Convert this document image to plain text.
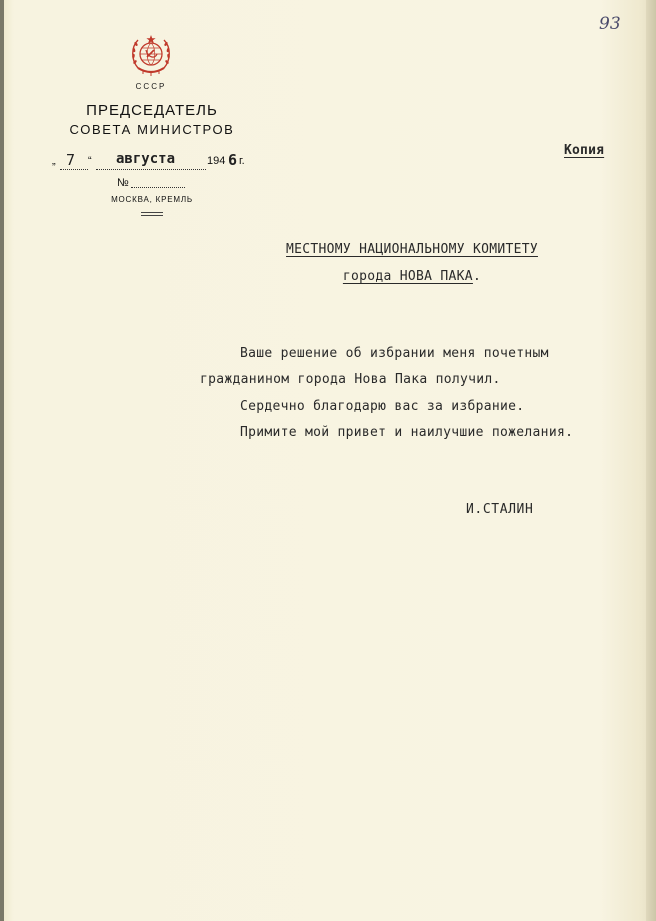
93
СССР
ПРЕДСЕДАТЕЛЬ
СОВЕТА МИНИСТРОВ
„ 7 “ августа	194 6 г.
№
МОСКВА, КРЕМЛЬ
Копия
МЕСТНОМУ НАЦИОНАЛЬНОМУ КОМИТЕТУ
города НОВА ПАКА.
Ваше решение об избрании меня почетным
гражданином города Нова Пака получил.
Сердечно благодарю вас за избрание.
Примите мой привет и наилучшие пожелания.
И.СТАЛИН
